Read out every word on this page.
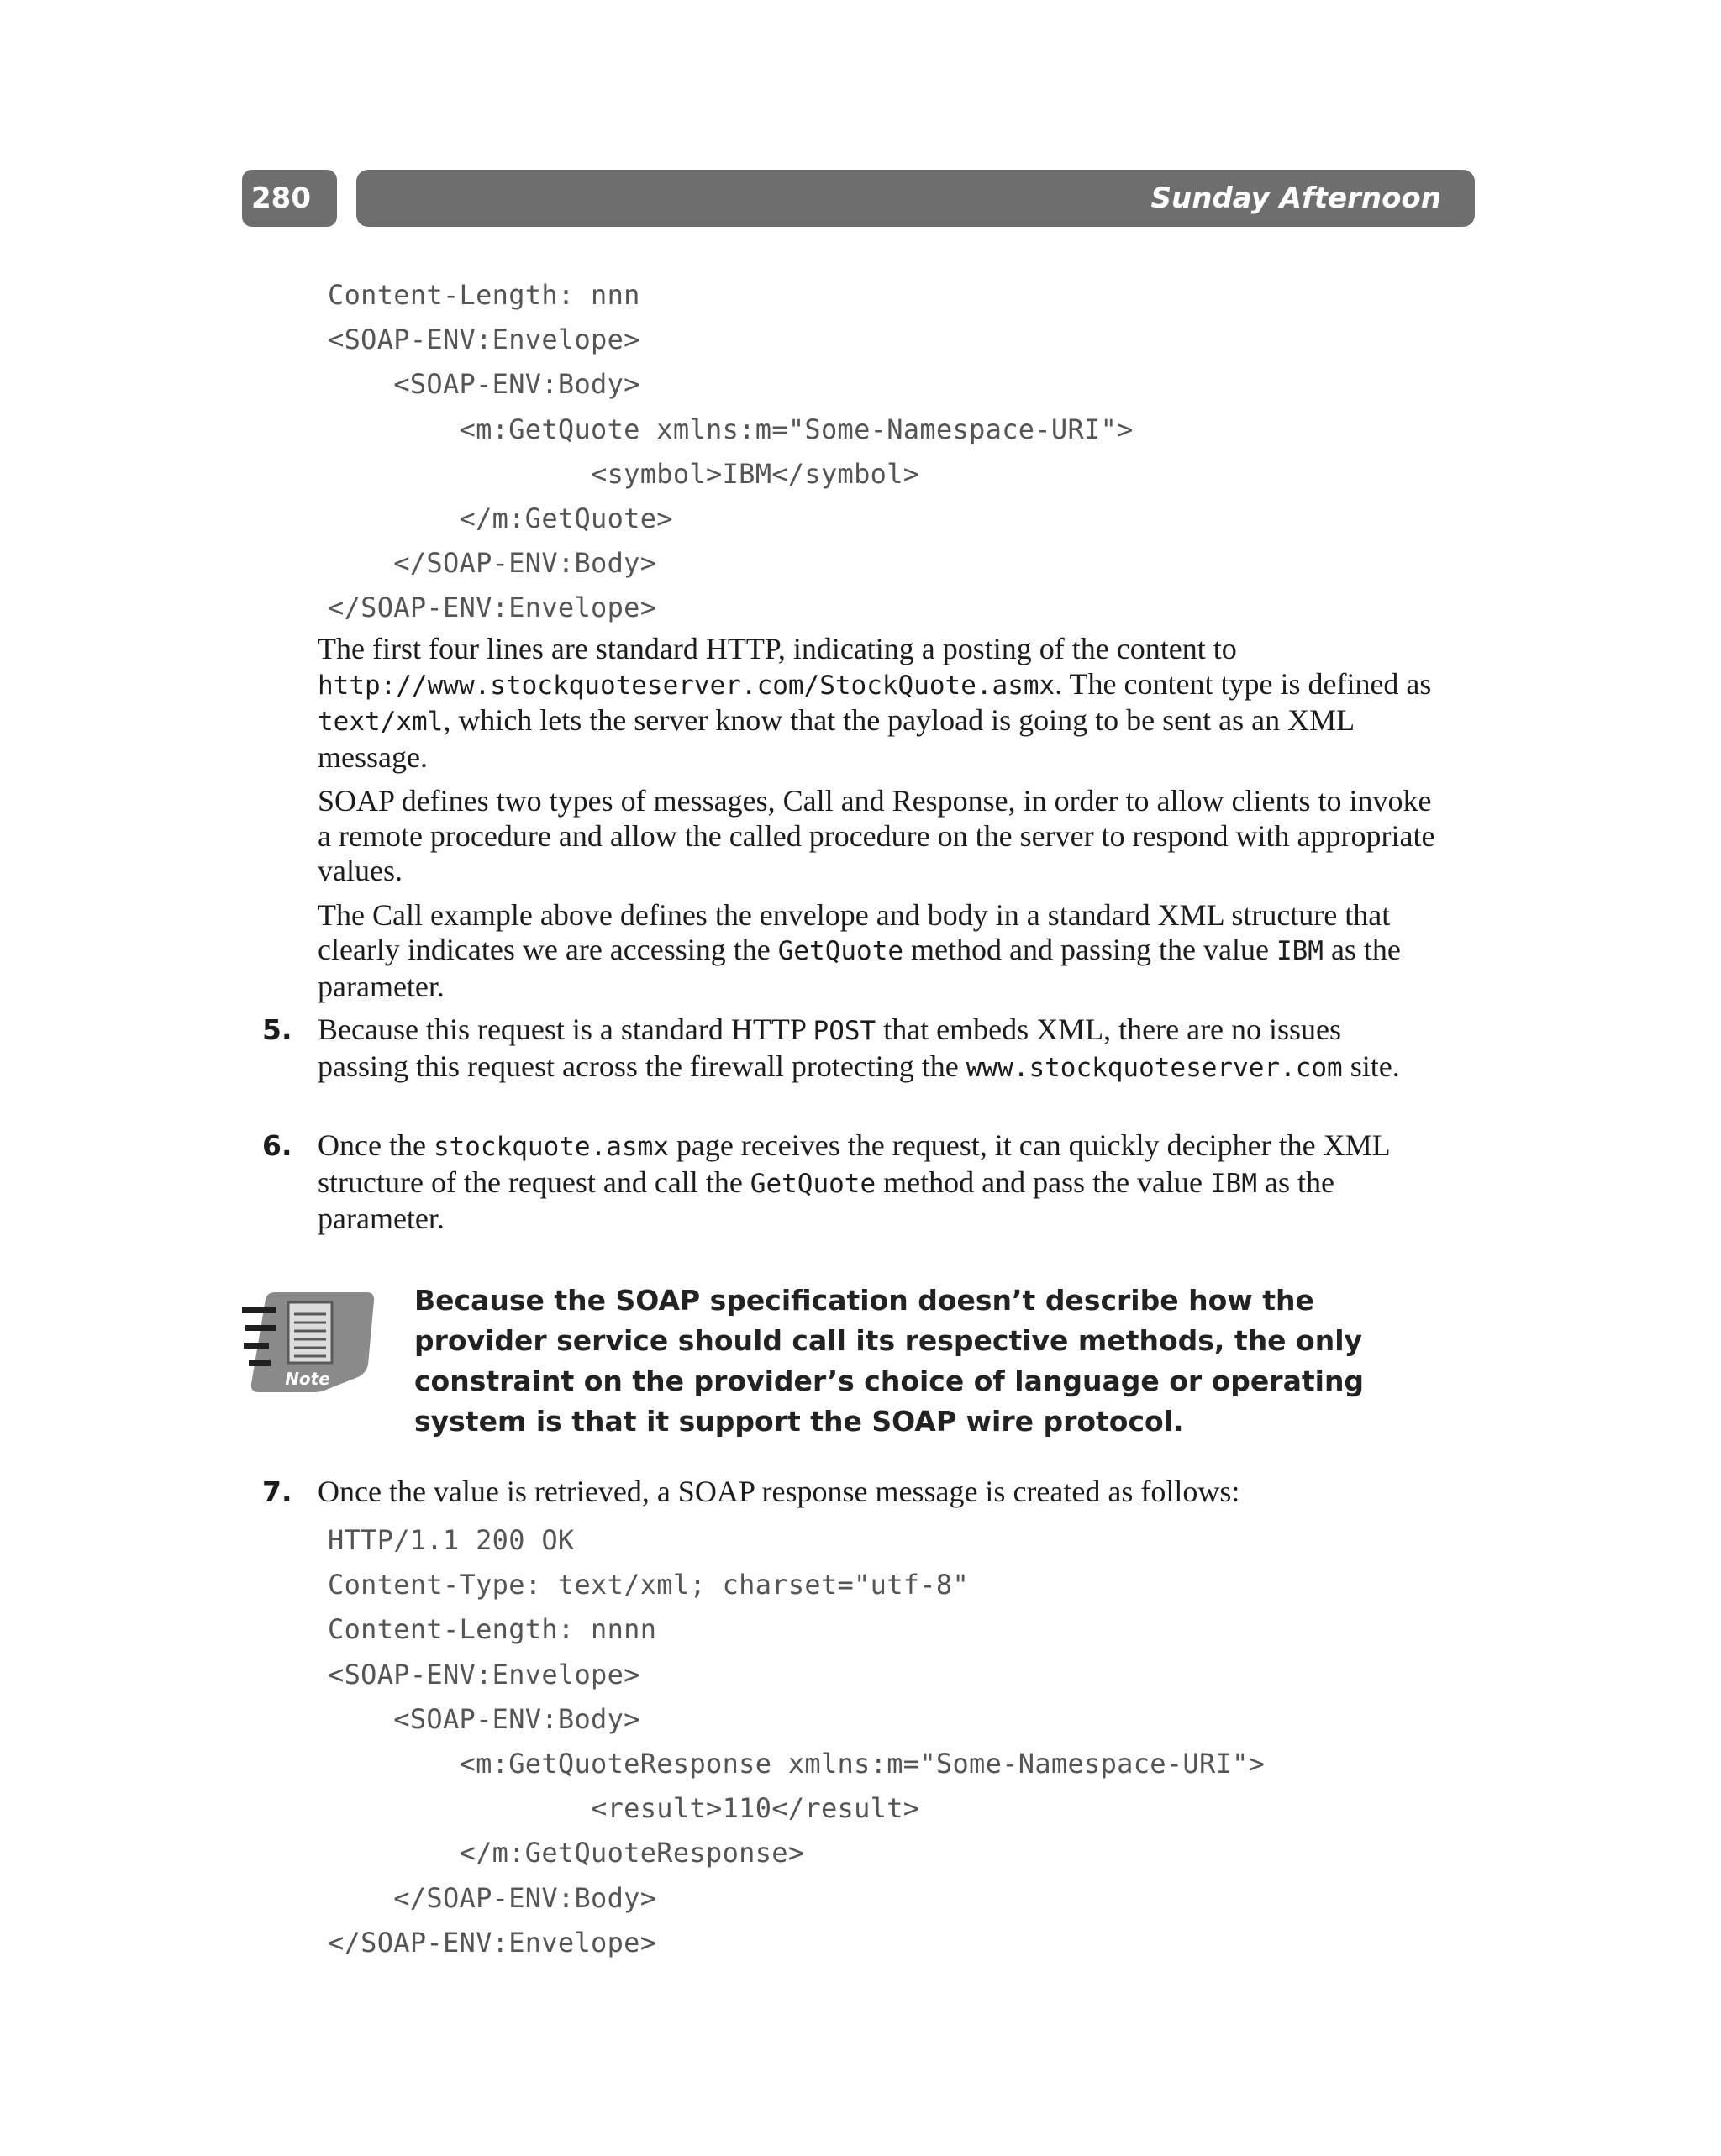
280	Sunday Afternoon
Content-Length: nnn
<SOAP-ENV:Envelope>
<SOAP-ENV:Body>
<m:GetQuote xmlns:m="Some-Namespace-URI">
<symbol>IBM</symbol>
</m:GetQuote>
</SOAP-ENV:Body>
</SOAP-ENV:Envelope>

The first four lines are standard HTTP, indicating a posting of the content to
http://www.stockquoteserver.com/StockQuote.asmx. The content type is defined as text/xml, which lets the server know that the payload is going to be sent as an XML message.

SOAP defines two types of messages, Call and Response, in order to allow clients to invoke a remote procedure and allow the called procedure on the server to respond with appropriate values.

The Call example above defines the envelope and body in a standard XML structure that clearly indicates we are accessing the GetQuote method and passing the value IBM as the parameter.

5. Because this request is a standard HTTP POST that embeds XML, there are no issues passing this request across the firewall protecting the www.stockquoteserver.com site.
6. Once the stockquote.asmx page receives the request, it can quickly decipher the XML structure of the request and call the GetQuote method and pass the value IBM as the parameter.
Note
Because the SOAP specification doesn’t describe how the provider service should call its respective methods, the only constraint on the provider’s choice of language or operating system is that it support the SOAP wire protocol.
7. Once the value is retrieved, a SOAP response message is created as follows:
HTTP/1.1 200 OK
Content-Type: text/xml; charset="utf-8"
Content-Length: nnnn
<SOAP-ENV:Envelope>
<SOAP-ENV:Body>
<m:GetQuoteResponse xmlns:m="Some-Namespace-URI">
<result>110</result>
</m:GetQuoteResponse>
</SOAP-ENV:Body>
</SOAP-ENV:Envelope>
